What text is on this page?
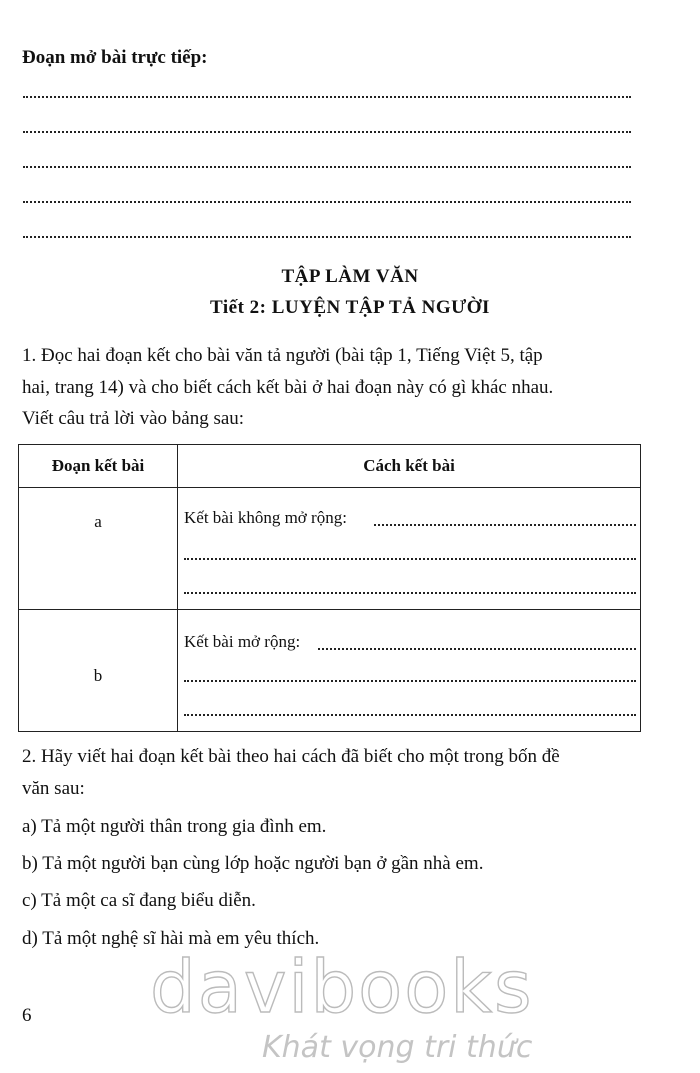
Đoạn mở bài trực tiếp:
TẬP LÀM VĂN
Tiết 2: LUYỆN TẬP TẢ NGƯỜI
1. Đọc hai đoạn kết cho bài văn tả người (bài tập 1, Tiếng Việt 5, tập
hai, trang 14) và cho biết cách kết bài ở hai đoạn này có gì khác nhau.
Viết câu trả lời vào bảng sau:
Đoạn kết bài	Cách kết bài

a	Kết bài không mở rộng:

b	Kết bài mở rộng:
2. Hãy viết hai đoạn kết bài theo hai cách đã biết cho một trong bốn đề
văn sau:
a) Tả một người thân trong gia đình em.
b) Tả một người bạn cùng lớp hoặc người bạn ở gần nhà em.
c) Tả một ca sĩ đang biểu diễn.
d) Tả một nghệ sĩ hài mà em yêu thích.
6 davibooks
Khát vọng tri thức
